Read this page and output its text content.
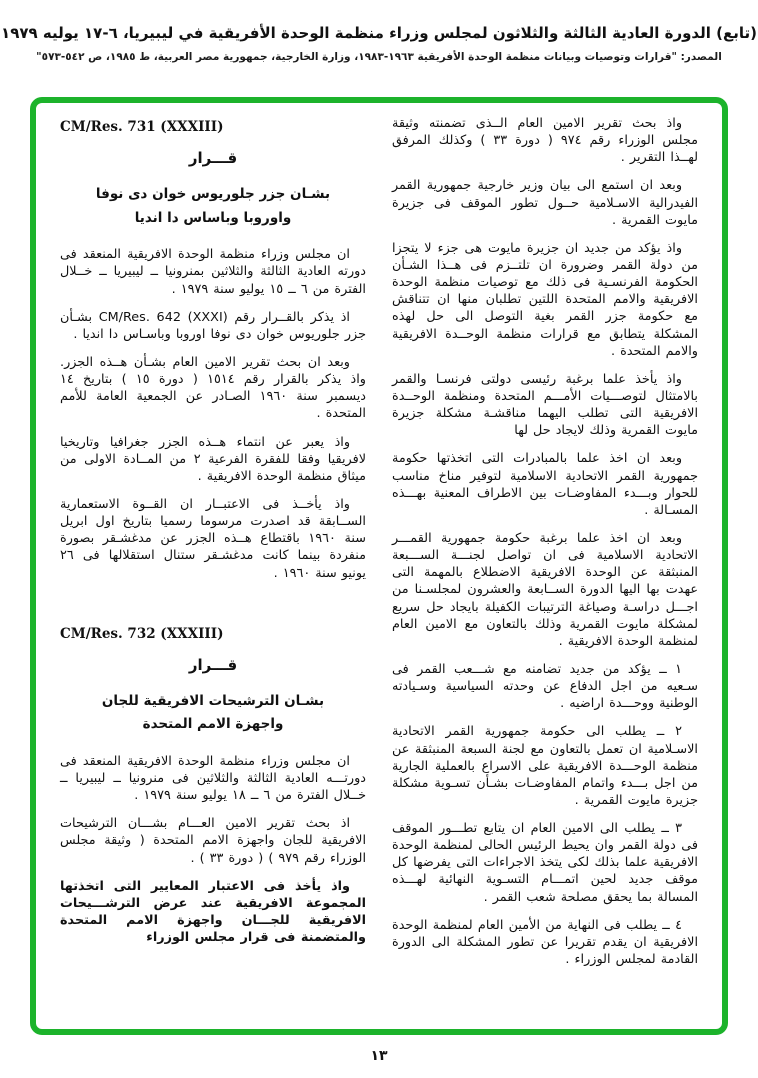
(تابع) الدورة العادية الثالثة والثلاثون لمجلس وزراء منظمة الوحدة الأفريقية في ليبيريا، ٦-١٧ يوليه ١٩٧٩
المصدر: "قرارات وتوصيات وبيانات منظمة الوحدة الأفريقية ١٩٦٣-١٩٨٣، وزارة الخارجية، جمهورية مصر العربية، ط ١٩٨٥، ص ٥٤٢-٥٧٣"

واذ بحث تقرير الامين العام الــذى تضمنته وثيقة مجلس الوزراء رقم ٩٧٤ ( دورة ٣٣ ) وكذلك المرفق لهــذا التقرير .

وبعد ان استمع الى بيان وزير خارجية جمهورية القمر الفيدرالية الاسـلامية حــول تطور الموقف فى جزيرة مايوت القمرية .

واذ يؤكد من جديد ان جزيرة مايوت هى جزء لا يتجزا من دولة القمر وضرورة ان تلتــزم فى هــذا الشـأن الحكومة الفرنسـية فى ذلك مع توصيات منظمة الوحدة الافريقية والامم المتحدة اللتين تطلبان منها ان تتناقش مع حكومة جزر القمر بغية التوصل الى حل لهذه المشكلة يتطابق مع قرارات منظمة الوحــدة الافريقية والامم المتحدة .

واذ يأخذ علما برغبة رئيسى دولتى فرنسـا والقمر بالامتثال لتوصـــيات الأمـــم المتحدة ومنظمة الوحــدة الافريقية التى تطلب اليهما مناقشـة مشكلة جزيرة مايوت القمرية وذلك لايجاد حل لها

وبعد ان اخذ علما بالمبادرات التى اتخذتها حكومة جمهورية القمر الاتحادية الاسلامية لتوفير مناخ مناسب للحوار وبـــدء المفاوضـات بين الاطراف المعنية بهـــذه المسـالة .

وبعد ان اخذ علما برغبة حكومة جمهورية القمـــر الاتحادية الاسلامية فى ان تواصل لجنـــة الســـبعة المنبثقة عن الوحدة الافريقية الاضطلاع بالمهمة التى عهدت بها اليها الدورة الســابعة والعشرون لمجلسـنا من اجـــل دراسـة وصياغة الترتيبات الكفيلة بايجاد حل سريع لمشكلة مايوت القمرية وذلك بالتعاون مع الامين العام لمنظمة الوحدة الافريقية .

١ ــ يؤكد من جديد تضامنه مع شـــعب القمر فى سـعيه من اجل الدفاع عن وحدته السياسية وسـيادته الوطنية ووحـــدة اراضيه .

٢ ــ يطلب الى حكومة جمهورية القمر الاتحادية الاسـلامية ان تعمل بالتعاون مع لجنة السبعة المنبثقة عن منظمة الوحـــدة الافريقية على الاسراع بالعملية الجارية من اجل بـــدء واتمام المفاوضـات بشـأن تسـوية مشكلة جزيرة مايوت القمرية .

٣ ــ يطلب الى الامين العام ان يتابع تطـــور الموقف فى دولة القمر وان يحيط الرئيس الحالى لمنظمة الوحدة الافريقية علما بذلك لكى يتخذ الاجراءات التى يفرضها كل موقف جديد لحين اتمـــام التسـوية النهائية لهـــذه المسالة بما يحقق مصلحة شعب القمر .

٤ ــ يطلب فى النهاية من الأمين العام لمنظمة الوحدة الافريقية ان يقدم تقريرا عن تطور المشكلة الى الدورة القادمة لمجلس الوزراء .

CM/Res. 731 (XXXIII)
قـــرار

بشـان جزر جلوريوس خوان دى نوفا

واوروبا وباساس دا انديا

ان مجلس وزراء منظمة الوحدة الافريقية المنعقد فى دورته العادية الثالثة والثلاثين بمنرونيا ــ ليبيريا ــ خــلال الفترة من ٦ ــ ١٥ يوليو سنة ١٩٧٩ .

اذ يذكر بالقــرار رقم CM/Res. 642 (XXXI)‎ بشـأن جزر جلوريوس خوان دى نوفا اوروبا وباسـاس دا انديا .

وبعد ان بحث تقرير الامين العام بشـأن هــذه الجزر. واذ يذكر بالقرار رقم ١٥١٤ ( دورة ١٥ ) بتاريخ ١٤ ديسمبر سنة ١٩٦٠ الصـادر عن الجمعية العامة للأمم المتحدة .

واذ يعبر عن انتماء هــذه الجزر جغرافيا وتاريخيا لافريقيا وفقا للفقرة الفرعية ٢ من المــادة الاولى من ميثاق منظمة الوحدة الافريقية .

واذ يأخــذ فى الاعتبــار ان القــوة الاستعمارية الســابقة قد اصدرت مرسوما رسميا بتاريخ اول ابريل سنة ١٩٦٠ باقتطاع هــذه الجزر عن مدغشـقر بصورة منفردة بينما كانت مدغشـقر ستنال استقلالها فى ٢٦ يونيو سنة ١٩٦٠ .

CM/Res. 732 (XXXIII)
قـــرار

بشـان الترشيحات الافريقية للجان

واجهزة الامم المتحدة

ان مجلس وزراء منظمة الوحدة الافريقية المنعقد فى دورتـــه العادية الثالثة والثلاثين فى منرونيا ــ ليبيريا ــ خــلال الفترة من ٦ ــ ١٨ يوليو سنة ١٩٧٩ .

اذ بحث تقرير الامين العـــام بشـــان الترشيحات الافريقية للجان واجهزة الامم المتحدة ( وثيقة مجلس الوزراء رقم ٩٧٩ ) ( دورة ٣٣ ) .

واذ يأخذ فى الاعتبار المعايير التى اتخذتها المجموعة الافريقية عند عرض الترشـــيحات الافريقية للجـــان واجهزة الامم المتحدة والمتضمنة فى قرار مجلس الوزراء

١٣
